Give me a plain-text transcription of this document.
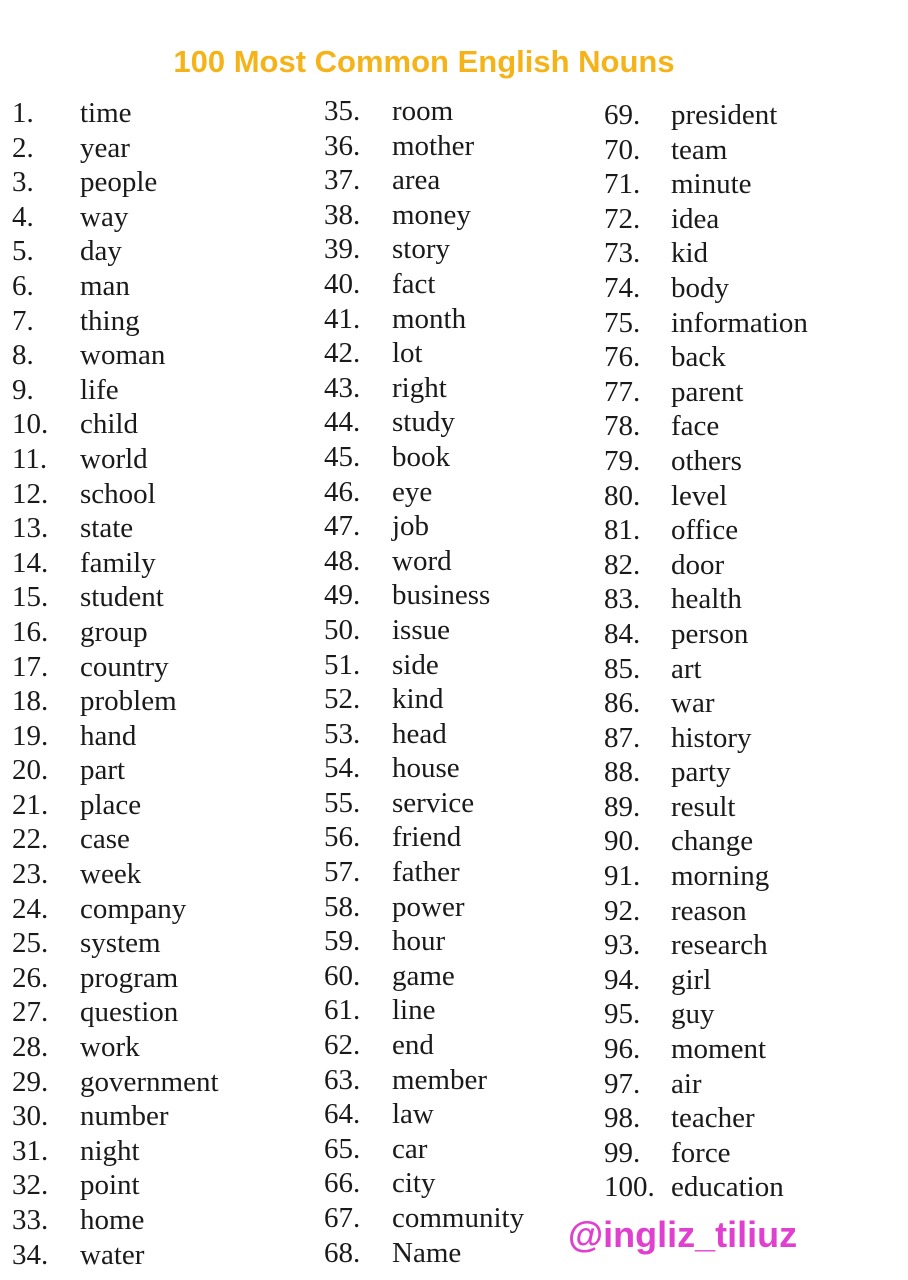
100 Most Common English Nouns
1.	time
2.	year
3.	people
4.	way
5.	day
6.	man
7.	thing
8.	woman
9.	life
10.	child
11.	world
12.	school
13.	state
14.	family
15.	student
16.	group
17.	country
18.	problem
19.	hand
20.	part
21.	place
22.	case
23.	week
24.	company
25.	system
26.	program
27.	question
28.	work
29.	government
30.	number
31.	night
32.	point
33.	home
34.	water
35.	room
36.	mother
37.	area
38.	money
39.	story
40.	fact
41.	month
42.	lot
43.	right
44.	study
45.	book
46.	eye
47.	job
48.	word
49.	business
50.	issue
51.	side
52.	kind
53.	head
54.	house
55.	service
56.	friend
57.	father
58.	power
59.	hour
60.	game
61.	line
62.	end
63.	member
64.	law
65.	car
66.	city
67.	community
68.	Name
69.	president
70.	team
71.	minute
72.	idea
73.	kid
74.	body
75.	information
76.	back
77.	parent
78.	face
79.	others
80.	level
81.	office
82.	door
83.	health
84.	person
85.	art
86.	war
87.	history
88.	party
89.	result
90.	change
91.	morning
92.	reason
93.	research
94.	girl
95.	guy
96.	moment
97.	air
98.	teacher
99.	force
100. education
@ingliz_tiliuz
